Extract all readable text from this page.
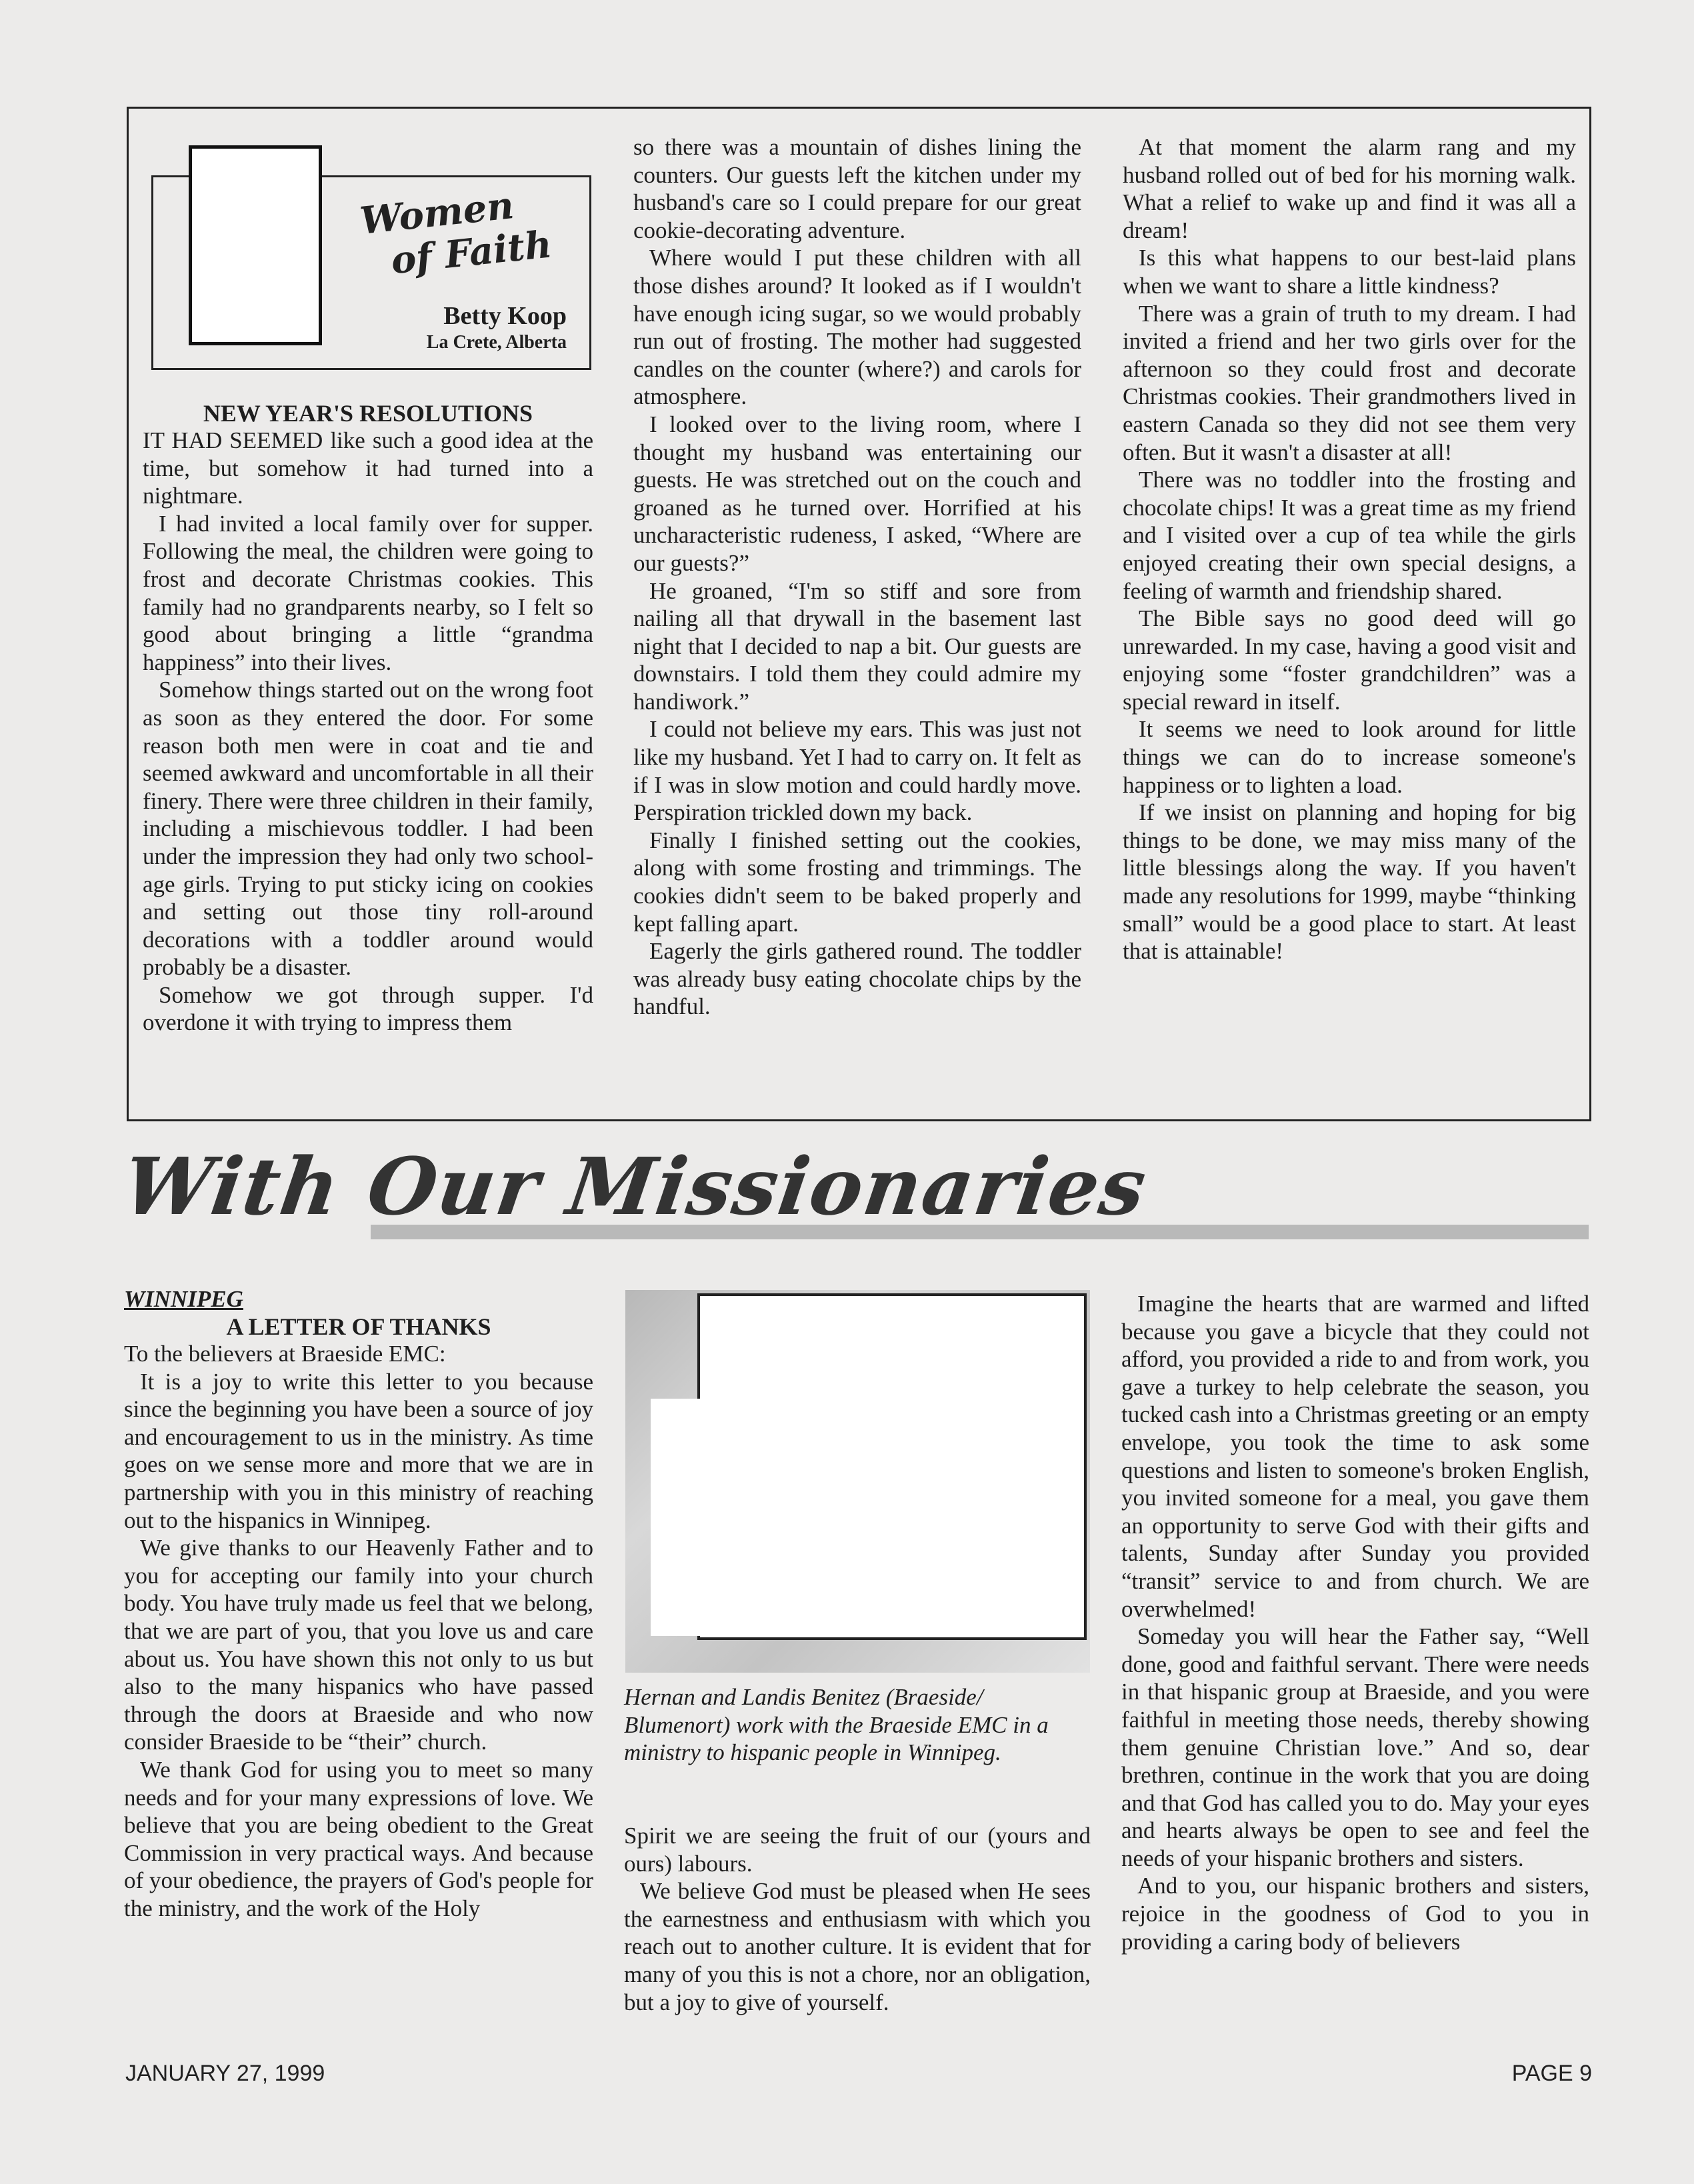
Women
of Faith
Betty Koop
La Crete, Alberta

NEW YEAR'S RESOLUTIONS

IT HAD SEEMED like such a good idea at the time, but somehow it had turned into a nightmare.

I had invited a local family over for supper. Following the meal, the children were going to frost and decorate Christmas cookies. This family had no grandparents nearby, so I felt so good about bringing a little “grandma happiness” into their lives.

Somehow things started out on the wrong foot as soon as they entered the door. For some reason both men were in coat and tie and seemed awkward and uncomfortable in all their finery. There were three children in their family, including a mischievous toddler. I had been under the impression they had only two school-age girls. Trying to put sticky icing on cookies and setting out those tiny roll-around decorations with a toddler around would probably be a disaster.

Somehow we got through supper. I'd overdone it with trying to impress them

so there was a mountain of dishes lining the counters. Our guests left the kitchen under my husband's care so I could prepare for our great cookie-decorating adventure.

Where would I put these children with all those dishes around? It looked as if I wouldn't have enough icing sugar, so we would probably run out of frosting. The mother had suggested candles on the counter (where?) and carols for atmosphere.

I looked over to the living room, where I thought my husband was entertaining our guests. He was stretched out on the couch and groaned as he turned over. Horrified at his uncharacteristic rudeness, I asked, “Where are our guests?”

He groaned, “I'm so stiff and sore from nailing all that drywall in the basement last night that I decided to nap a bit. Our guests are downstairs. I told them they could admire my handiwork.”

I could not believe my ears. This was just not like my husband. Yet I had to carry on. It felt as if I was in slow motion and could hardly move. Perspiration trickled down my back.

Finally I finished setting out the cookies, along with some frosting and trimmings. The cookies didn't seem to be baked properly and kept falling apart.

Eagerly the girls gathered round. The toddler was already busy eating chocolate chips by the handful.

At that moment the alarm rang and my husband rolled out of bed for his morning walk. What a relief to wake up and find it was all a dream!

Is this what happens to our best-laid plans when we want to share a little kindness?

There was a grain of truth to my dream. I had invited a friend and her two girls over for the afternoon so they could frost and decorate Christmas cookies. Their grandmothers lived in eastern Canada so they did not see them very often. But it wasn't a disaster at all!

There was no toddler into the frosting and chocolate chips! It was a great time as my friend and I visited over a cup of tea while the girls enjoyed creating their own special designs, a feeling of warmth and friendship shared.

The Bible says no good deed will go unrewarded. In my case, having a good visit and enjoying some “foster grandchildren” was a special reward in itself.

It seems we need to look around for little things we can do to increase someone's happiness or to lighten a load.

If we insist on planning and hoping for big things to be done, we may miss many of the little blessings along the way. If you haven't made any resolutions for 1999, maybe “thinking small” would be a good place to start. At least that is attainable!

With Our Missionaries

WINNIPEG

A LETTER OF THANKS

To the believers at Braeside EMC:

It is a joy to write this letter to you because since the beginning you have been a source of joy and encouragement to us in the ministry. As time goes on we sense more and more that we are in partnership with you in this ministry of reaching out to the hispanics in Winnipeg.

We give thanks to our Heavenly Father and to you for accepting our family into your church body. You have truly made us feel that we belong, that we are part of you, that you love us and care about us. You have shown this not only to us but also to the many hispanics who have passed through the doors at Braeside and who now consider Braeside to be “their” church.

We thank God for using you to meet so many needs and for your many expressions of love. We believe that you are being obedient to the Great Commission in very practical ways. And because of your obedience, the prayers of God's people for the ministry, and the work of the Holy

Hernan and Landis Benitez (Braeside/ Blumenort) work with the Braeside EMC in a ministry to hispanic people in Winnipeg.

Spirit we are seeing the fruit of our (yours and ours) labours.

We believe God must be pleased when He sees the earnestness and enthusiasm with which you reach out to another culture. It is evident that for many of you this is not a chore, nor an obligation, but a joy to give of yourself.

Imagine the hearts that are warmed and lifted because you gave a bicycle that they could not afford, you provided a ride to and from work, you gave a turkey to help celebrate the season, you tucked cash into a Christmas greeting or an empty envelope, you took the time to ask some questions and listen to someone's broken English, you invited someone for a meal, you gave them an opportunity to serve God with their gifts and talents, Sunday after Sunday you provided “transit” service to and from church. We are overwhelmed!

Someday you will hear the Father say, “Well done, good and faithful servant. There were needs in that hispanic group at Braeside, and you were faithful in meeting those needs, thereby showing them genuine Christian love.” And so, dear brethren, continue in the work that you are doing and that God has called you to do. May your eyes and hearts always be open to see and feel the needs of your hispanic brothers and sisters.

And to you, our hispanic brothers and sisters, rejoice in the goodness of God to you in providing a caring body of believers

JANUARY 27, 1999	PAGE 9
